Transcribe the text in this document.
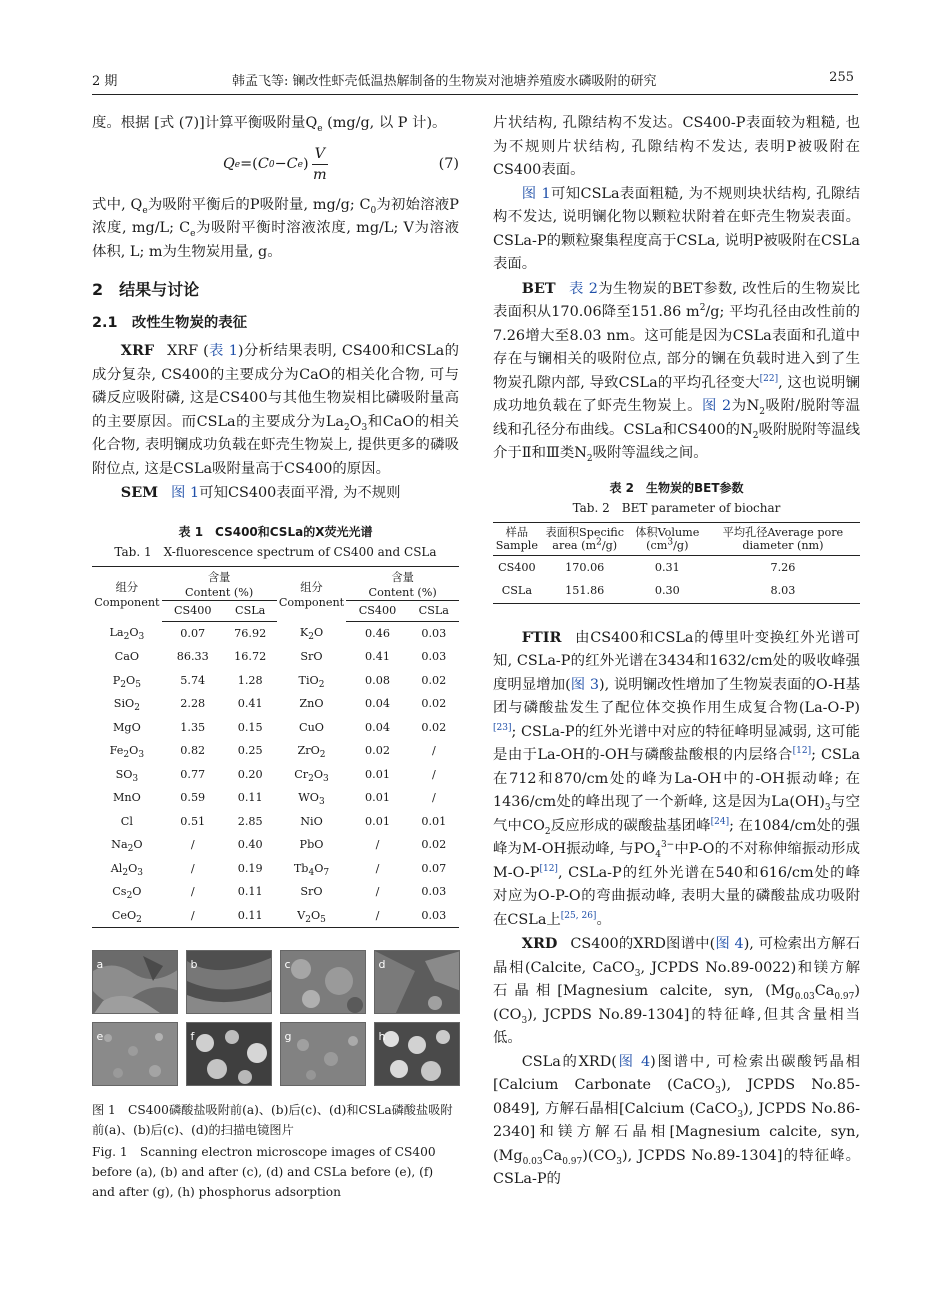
2 期	韩孟飞等: 镧改性虾壳低温热解制备的生物炭对池塘养殖废水磷吸附的研究	255

度。根据 [式 (7)]计算平衡吸附量$Q_e$ (mg/g, 以 P 计)。

Q e =( C 0 − C e ) $\frac{V}{m}$	(7)

式中, $Q_e$为吸附平衡后的P吸附量, mg/g; $C_0$为初始溶液P浓度, mg/L; $C_e$为吸附平衡时溶液浓度, mg/L; V为溶液体积, L; m为生物炭用量, g。

2　结果与讨论
2.1　改性生物炭的表征

XRF XRF (表 1)分析结果表明, CS400和CSLa的成分复杂, CS400的主要成分为CaO的相关化合物, 可与磷反应吸附磷, 这是CS400与其他生物炭相比磷吸附量高的主要原因。而CSLa的主要成分为$La_2O_3$和CaO的相关化合物, 表明镧成功负载在虾壳生物炭上, 提供更多的磷吸附位点, 这是CSLa吸附量高于CS400的原因。

SEM 图 1可知CS400表面平滑, 为不规则

表 1　CS400和CSLa的X荧光光谱
Tab. 1　X-fluorescence spectrum of CS400 and CSLa
组分
Component	含量
Content (%)		组分
Component	含量
Content (%)	
	CS400	CSLa		CS400	CSLa
$La_2O_3$	0.07	76.92	$K_2O$	0.46	0.03
CaO	86.33	16.72	SrO	0.41	0.03
$P_2O_5$	5.74	1.28	TiO$_2$	0.08	0.02
SiO$_2$	2.28	0.41	ZnO	0.04	0.02
MgO	1.35	0.15	CuO	0.04	0.02
$Fe_2O_3$	0.82	0.25	ZrO$_2$	0.02	/
$SO_3$	0.77	0.20	$Cr_2O_3$	0.01	/
MnO	0.59	0.11	$WO_3$	0.01	/
Cl	0.51	2.85	NiO	0.01	0.01
$Na_2O$	/	0.40	PbO	/	0.02
$Al_2O_3$	/	0.19	$Tb_4O_7$	/	0.07
$Cs_2O$	/	0.11	SrO	/	0.03
CeO$_2$	/	0.11	$V_2O_5$	/	0.03
a	b	c	d
e	f	g	h
图 1　CS400磷酸盐吸附前(a)、(b)后(c)、(d)和CSLa磷酸盐吸附前(a)、(b)后(c)、(d)的扫描电镜图片
Fig. 1　Scanning electron microscope images of CS400 before (a), (b) and after (c), (d) and CSLa before (e), (f) and after (g), (h) phosphorus adsorption

片状结构, 孔隙结构不发达。CS400-P表面较为粗糙, 也为不规则片状结构, 孔隙结构不发达, 表明P被吸附在CS400表面。

图 1可知CSLa表面粗糙, 为不规则块状结构, 孔隙结构不发达, 说明镧化物以颗粒状附着在虾壳生物炭表面。CSLa-P的颗粒聚集程度高于CSLa, 说明P被吸附在CSLa表面。

BET 表 2为生物炭的BET参数, 改性后的生物炭比表面积从170.06降至151.86 $m^2/g$; 平均孔径由改性前的7.26增大至8.03 nm。这可能是因为CSLa表面和孔道中存在与镧相关的吸附位点, 部分的镧在负载时进入到了生物炭孔隙内部, 导致CSLa的平均孔径变大[22], 这也说明镧成功地负载在了虾壳生物炭上。图 2为$N_2$吸附/脱附等温线和孔径分布曲线。CSLa和CS400的$N_2$吸附脱附等温线介于Ⅱ和Ⅲ类$N_2$吸附等温线之间。

表 2　生物炭的BET参数
Tab. 2　BET parameter of biochar
样品
Sample	表面积Specific
area $(m^2/g)$	体积Volume
$(cm^3/g)$	平均孔径Average pore
diameter (nm)
CS400	170.06	0.31	7.26
CSLa	151.86	0.30	8.03

FTIR 由CS400和CSLa的傅里叶变换红外光谱可知, CSLa-P的红外光谱在3434和1632/cm处的吸收峰强度明显增加(图 3), 说明镧改性增加了生物炭表面的O-H基团与磷酸盐发生了配位体交换作用生成复合物(La-O-P)[23]; CSLa-P的红外光谱中对应的特征峰明显减弱, 这可能是由于La-OH的-OH与磷酸盐酸根的内层络合[12]; CSLa在712和870/cm处的峰为La-OH中的-OH振动峰; 在1436/cm处的峰出现了一个新峰, 这是因为$La(OH)_3$与空气中$CO_2$反应形成的碳酸盐基团峰[24]; 在1084/cm处的强峰为M-OH振动峰, 与$PO_4^{3-}$中P-O的不对称伸缩振动形成M-O-P[12], CSLa-P的红外光谱在540和616/cm处的峰对应为O-P-O的弯曲振动峰, 表明大量的磷酸盐成功吸附在CSLa上[25, 26]。

XRD CS400的XRD图谱中(图 4), 可检索出方解石晶相(Calcite, CaCO$_3$, JCPDS No.89-0022)和镁方解石晶相[Magnesium calcite, syn, $(Mg_{0.03}Ca_{0.97})(CO_3)$, JCPDS No.89-1304]的特征峰,但其含量相当低。

CSLa的XRD(图 4)图谱中, 可检索出碳酸钙晶相[Calcium Carbonate (CaCO$_3$), JCPDS No.85-0849], 方解石晶相[Calcium (CaCO$_3$), JCPDS No.86-2340]和镁方解石晶相[Magnesium calcite, syn, $(Mg_{0.03}Ca_{0.97})(CO_3)$, JCPDS No.89-1304]的特征峰。CSLa-P的
